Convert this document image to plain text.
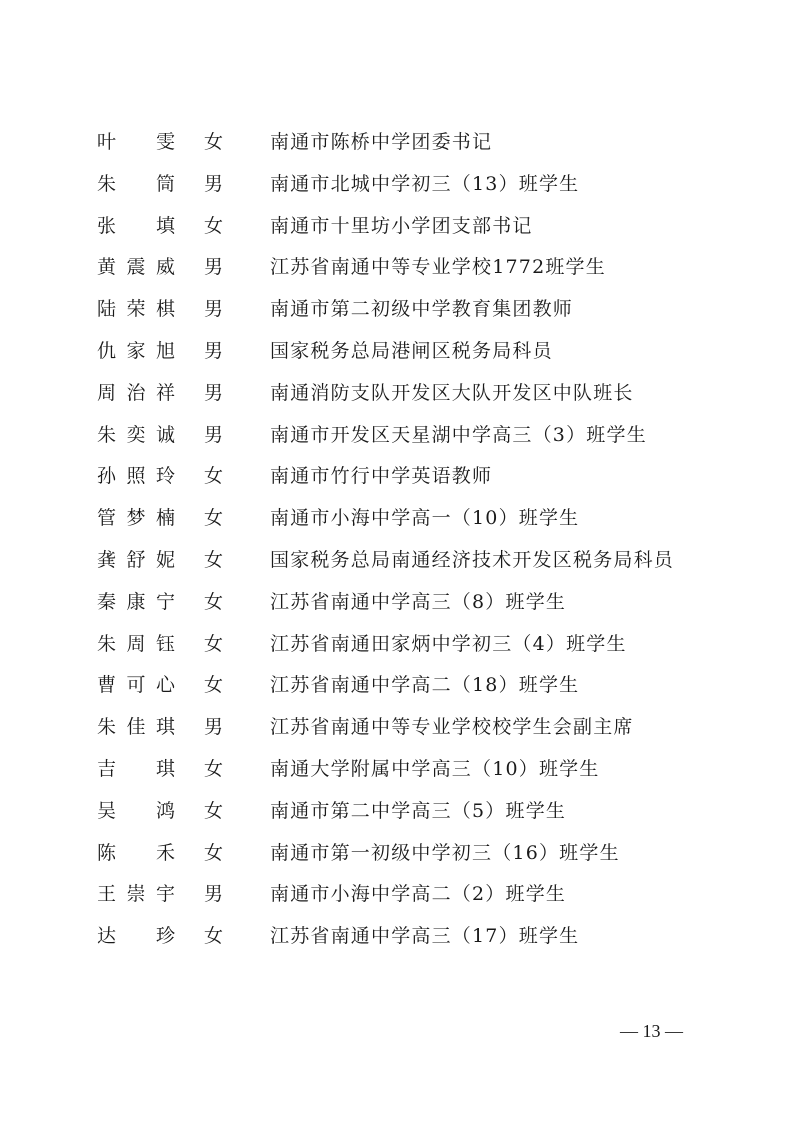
叶 雯 女 南通市陈桥中学团委书记
朱 筒 男 南通市北城中学初三（13）班学生
张 填 女 南通市十里坊小学团支部书记
黄震威 男 江苏省南通中等专业学校1772班学生
陆荣棋 男 南通市第二初级中学教育集团教师
仇家旭 男 国家税务总局港闸区税务局科员
周治祥 男 南通消防支队开发区大队开发区中队班长
朱奕诚 男 南通市开发区天星湖中学高三（3）班学生
孙照玲 女 南通市竹行中学英语教师
管梦楠 女 南通市小海中学高一（10）班学生
龚舒妮 女 国家税务总局南通经济技术开发区税务局科员
秦康宁 女 江苏省南通中学高三（8）班学生
朱周钰 女 江苏省南通田家炳中学初三（4）班学生
曹可心 女 江苏省南通中学高二（18）班学生
朱佳琪 男 江苏省南通中等专业学校校学生会副主席
吉 琪 女 南通大学附属中学高三（10）班学生
吴 鸿 女 南通市第二中学高三（5）班学生
陈 禾 女 南通市第一初级中学初三（16）班学生
王崇宇 男 南通市小海中学高二（2）班学生
达 珍 女 江苏省南通中学高三（17）班学生
— 13 —
